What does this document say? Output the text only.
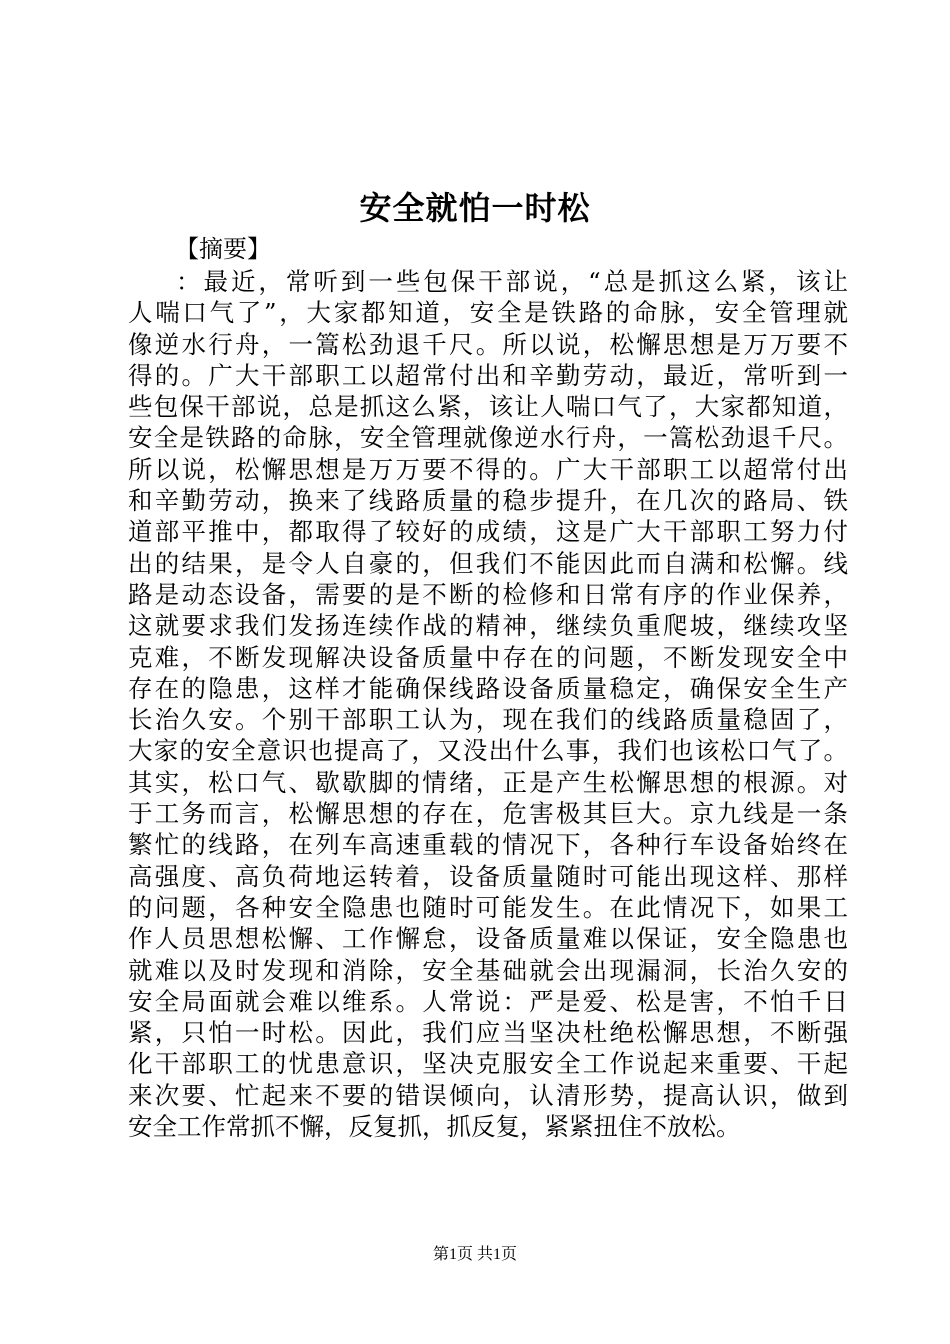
安全就怕一时松
【摘要】
：最近，常听到一些包保干部说，“总是抓这么紧，该让
人喘口气了”，大家都知道，安全是铁路的命脉，安全管理就
像逆水行舟，一篙松劲退千尺。所以说，松懈思想是万万要不
得的。广大干部职工以超常付出和辛勤劳动，最近，常听到一
些包保干部说，总是抓这么紧，该让人喘口气了，大家都知道，
安全是铁路的命脉，安全管理就像逆水行舟，一篙松劲退千尺。
所以说，松懈思想是万万要不得的。广大干部职工以超常付出
和辛勤劳动，换来了线路质量的稳步提升，在几次的路局、铁
道部平推中，都取得了较好的成绩，这是广大干部职工努力付
出的结果，是令人自豪的，但我们不能因此而自满和松懈。线
路是动态设备，需要的是不断的检修和日常有序的作业保养，
这就要求我们发扬连续作战的精神，继续负重爬坡，继续攻坚
克难，不断发现解决设备质量中存在的问题，不断发现安全中
存在的隐患，这样才能确保线路设备质量稳定，确保安全生产
长治久安。个别干部职工认为，现在我们的线路质量稳固了，
大家的安全意识也提高了，又没出什么事，我们也该松口气了。
其实，松口气、歇歇脚的情绪，正是产生松懈思想的根源。对
于工务而言，松懈思想的存在，危害极其巨大。京九线是一条
繁忙的线路，在列车高速重载的情况下，各种行车设备始终在
高强度、高负荷地运转着，设备质量随时可能出现这样、那样
的问题，各种安全隐患也随时可能发生。在此情况下，如果工
作人员思想松懈、工作懈怠，设备质量难以保证，安全隐患也
就难以及时发现和消除，安全基础就会出现漏洞，长治久安的
安全局面就会难以维系。人常说：严是爱、松是害，不怕千日
紧，只怕一时松。因此，我们应当坚决杜绝松懈思想，不断强
化干部职工的忧患意识，坚决克服安全工作说起来重要、干起
来次要、忙起来不要的错误倾向，认清形势，提高认识，做到
安全工作常抓不懈，反复抓，抓反复，紧紧扭住不放松。
第1页 共1页
